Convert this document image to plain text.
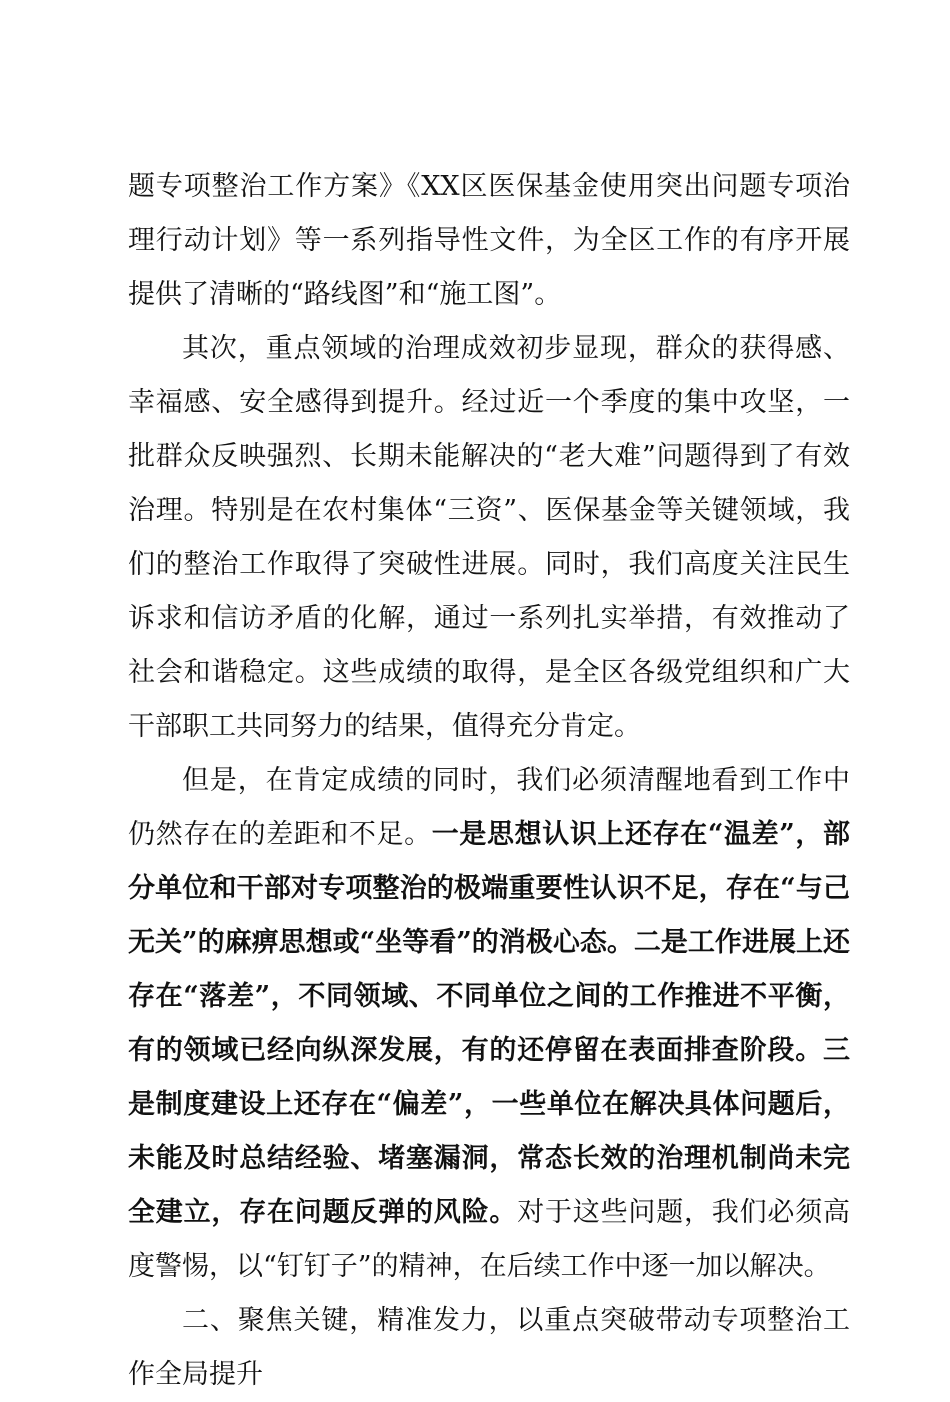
题专项整治工作方案》《XX区医保基金使用突出问题专项治理行动计划》等一系列指导性文件，为全区工作的有序开展提供了清晰的“路线图”和“施工图”。

其次，重点领域的治理成效初步显现，群众的获得感、幸福感、安全感得到提升。经过近一个季度的集中攻坚，一批群众反映强烈、长期未能解决的“老大难”问题得到了有效治理。特别是在农村集体“三资”、医保基金等关键领域，我们的整治工作取得了突破性进展。同时，我们高度关注民生诉求和信访矛盾的化解，通过一系列扎实举措，有效推动了社会和谐稳定。这些成绩的取得，是全区各级党组织和广大干部职工共同努力的结果，值得充分肯定。

但是，在肯定成绩的同时，我们必须清醒地看到工作中仍然存在的差距和不足。一是思想认识上还存在“温差”，部分单位和干部对专项整治的极端重要性认识不足，存在“与己无关”的麻痹思想或“坐等看”的消极心态。二是工作进展上还存在“落差”，不同领域、不同单位之间的工作推进不平衡，有的领域已经向纵深发展，有的还停留在表面排查阶段。三是制度建设上还存在“偏差”，一些单位在解决具体问题后，未能及时总结经验、堵塞漏洞，常态长效的治理机制尚未完全建立，存在问题反弹的风险。对于这些问题，我们必须高度警惕，以“钉钉子”的精神，在后续工作中逐一加以解决。

二、聚焦关键，精准发力，以重点突破带动专项整治工作全局提升
